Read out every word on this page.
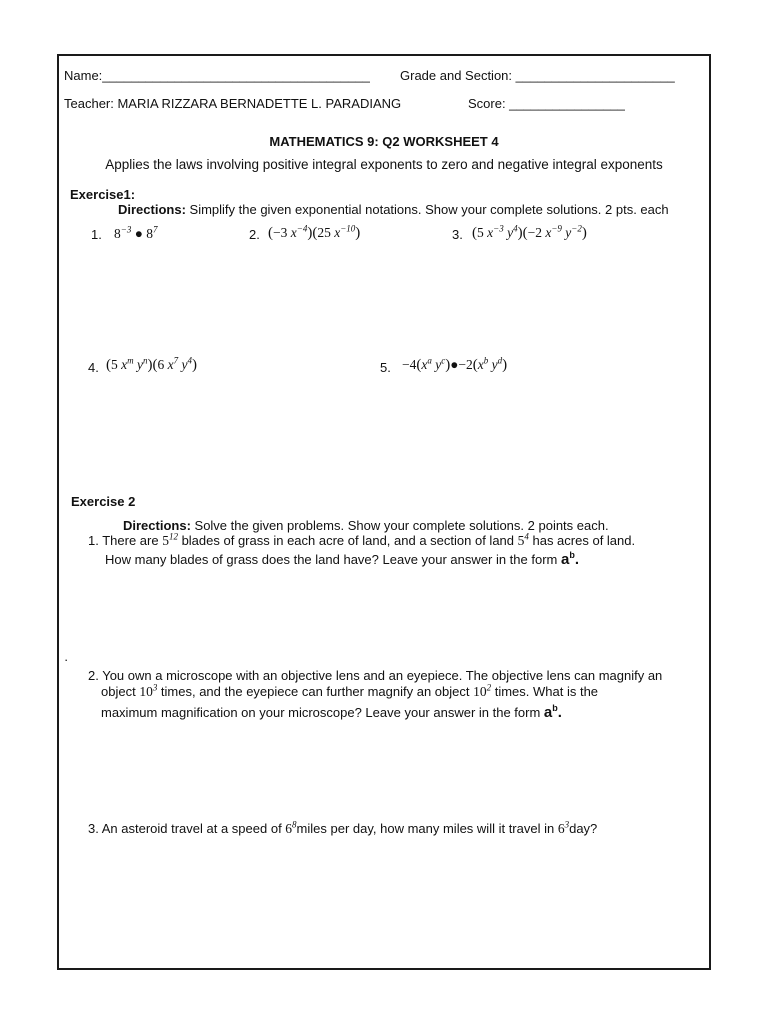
Name:_____________________________________ Grade and Section: ______________________
Teacher: MARIA RIZZARA BERNADETTE L. PARADIANG	Score: ________________
MATHEMATICS 9: Q2 WORKSHEET 4
Applies the laws involving positive integral exponents to zero and negative integral exponents
Exercise1:
Directions: Simplify the given exponential notations. Show your complete solutions. 2 pts. each
1. $8^{-3}$ ● $8^7$	2. (−3 $x^{-4})(25$ $x^{-10}$)	3. (5 $x^{-3}$ $y^4)(-2$ $x^{-9}$ $y^{-2}$)
4. (5 $x^m$ $y^n)(6$ $x^7$ $y^4$)	5. $-4(x^a$ $y^c)●-2(x^b$ $y^d$)
Exercise 2
Directions: Solve the given problems. Show your complete solutions. 2 points each.
1. There are $5^{12}$ blades of grass in each acre of land, and a section of land $5^4$ has acres of land.
How many blades of grass does the land have? Leave your answer in the form $a^b$.
·
2. You own a microscope with an objective lens and an eyepiece. The objective lens can magnify an
object $10^3$ times, and the eyepiece can further magnify an object $10^2$ times. What is the
maximum magnification on your microscope? Leave your answer in the form $a^b$.
3. An asteroid travel at a speed of $6^8miles$ per day, how many miles will it travel in $6^3day$?
